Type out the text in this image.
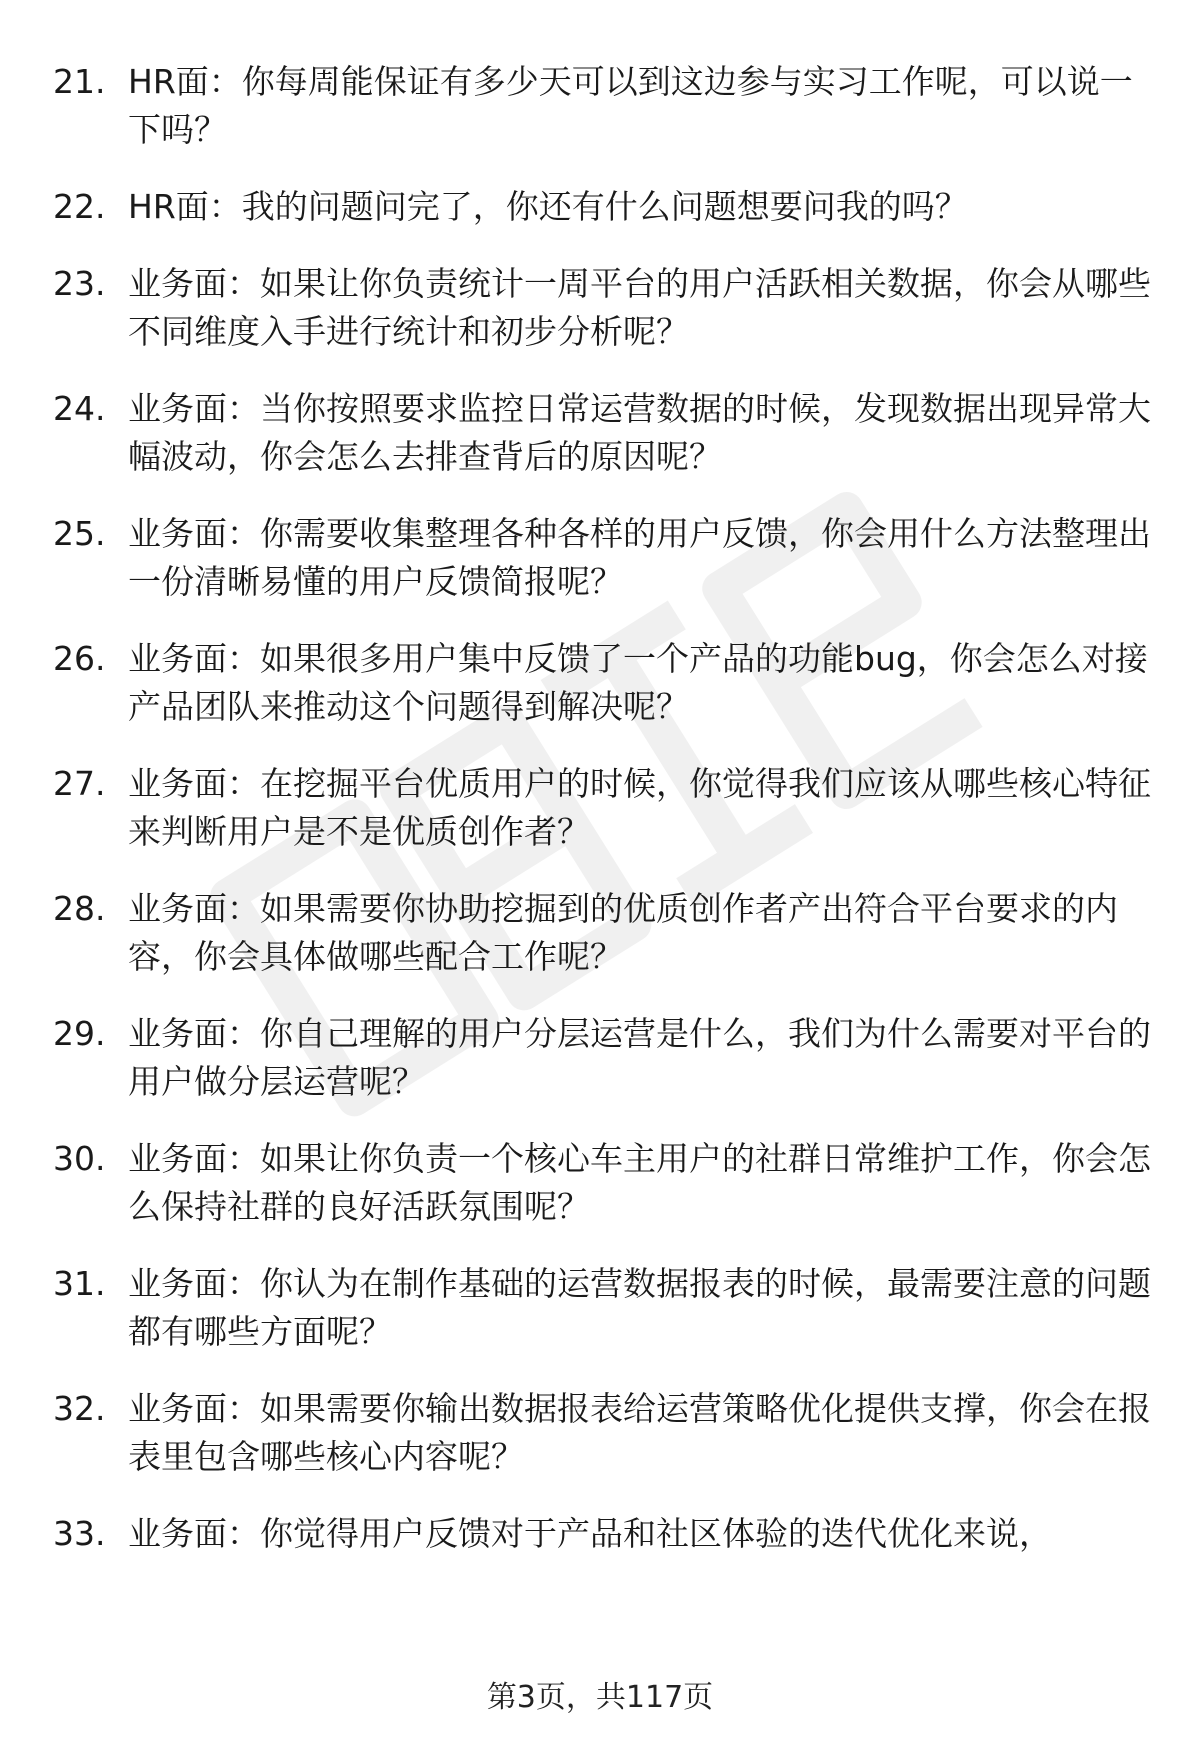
21. HR面：你每周能保证有多少天可以到这边参与实习工作呢，可以说一下吗？
22. HR面：我的问题问完了，你还有什么问题想要问我的吗？
23. 业务面：如果让你负责统计一周平台的用户活跃相关数据，你会从哪些不同维度入手进行统计和初步分析呢？
24. 业务面：当你按照要求监控日常运营数据的时候，发现数据出现异常大幅波动，你会怎么去排查背后的原因呢？
25. 业务面：你需要收集整理各种各样的用户反馈，你会用什么方法整理出一份清晰易懂的用户反馈简报呢？
26. 业务面：如果很多用户集中反馈了一个产品的功能bug，你会怎么对接产品团队来推动这个问题得到解决呢？
27. 业务面：在挖掘平台优质用户的时候，你觉得我们应该从哪些核心特征来判断用户是不是优质创作者？
28. 业务面：如果需要你协助挖掘到的优质创作者产出符合平台要求的内容，你会具体做哪些配合工作呢？
29. 业务面：你自己理解的用户分层运营是什么，我们为什么需要对平台的用户做分层运营呢？
30. 业务面：如果让你负责一个核心车主用户的社群日常维护工作，你会怎么保持社群的良好活跃氛围呢？
31. 业务面：你认为在制作基础的运营数据报表的时候，最需要注意的问题都有哪些方面呢？
32. 业务面：如果需要你输出数据报表给运营策略优化提供支撑，你会在报表里包含哪些核心内容呢？
33. 业务面：你觉得用户反馈对于产品和社区体验的迭代优化来说，
第3页，共117页
